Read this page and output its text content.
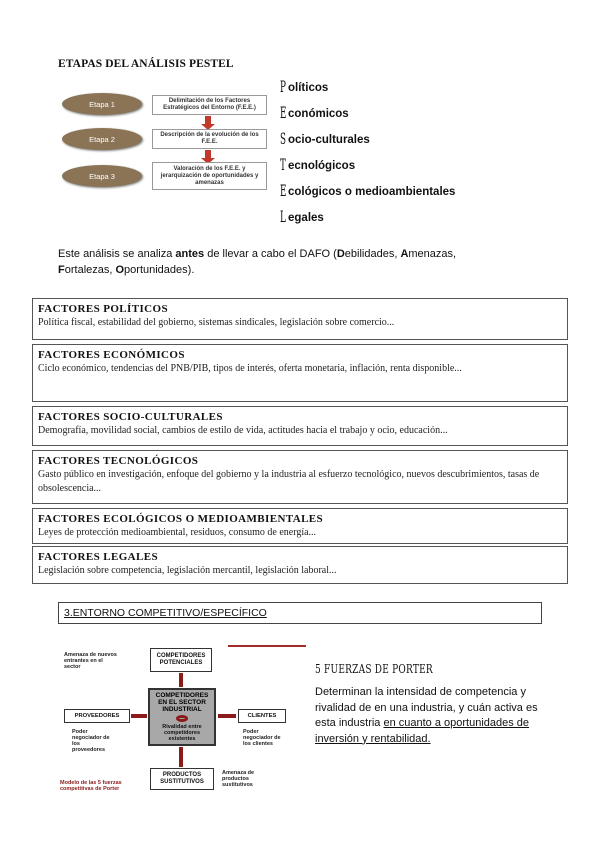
ETAPAS DEL ANÁLISIS PESTEL
Etapa 1	Delimitación de los Factores Estratégicos del Entorno (F.E.E.)
Etapa 2	Descripción de la evolución de los F.E.E.
Etapa 3
Valoración de los F.E.E. y jerarquización de oportunidades y amenazas
P olíticos
E conómicos
S ocio-culturales
T ecnológicos
E cológicos o medioambientales
L egales
Este análisis se analiza antes de llevar a cabo el DAFO (Debilidades, Amenazas,
Fortalezas, Oportunidades).
FACTORES POLÍTICOS
Política fiscal, estabilidad del gobierno, sistemas sindicales, legislación sobre comercio...
FACTORES ECONÓMICOS
Ciclo económico, tendencias del PNB/PIB, tipos de interés, oferta monetaria, inflación, renta disponible...
FACTORES SOCIO-CULTURALES
Demografía, movilidad social, cambios de estilo de vida, actitudes hacia el trabajo y ocio, educación...
FACTORES TECNOLÓGICOS
Gasto público en investigación, enfoque del gobierno y la industria al esfuerzo tecnológico, nuevos descubrimientos, tasas de obsolescencia...
FACTORES ECOLÓGICOS O MEDIOAMBIENTALES
Leyes de protección medioambiental, residuos, consumo de energía...
FACTORES LEGALES
Legislación sobre competencia, legislación mercantil, legislación laboral...
3.ENTORNO COMPETITIVO/ESPECÍFICO
COMPETIDORES POTENCIALES
Amenaza de nuevos entrantes en el sector
COMPETIDORES EN EL SECTOR INDUSTRIAL
Rivalidad entre competidores existentes
PROVEEDORES
Poder negociador de los proveedores
CLIENTES
Poder negociador de los clientes
PRODUCTOS SUSTITUTIVOS
Amenaza de productos sustitutivos
Modelo de las 5 fuerzas competitivas de Porter
5 FUERZAS DE PORTER
Determinan la intensidad de competencia y rivalidad de en una industria, y cuán activa es esta industria en cuanto a oportunidades de inversión y rentabilidad.
